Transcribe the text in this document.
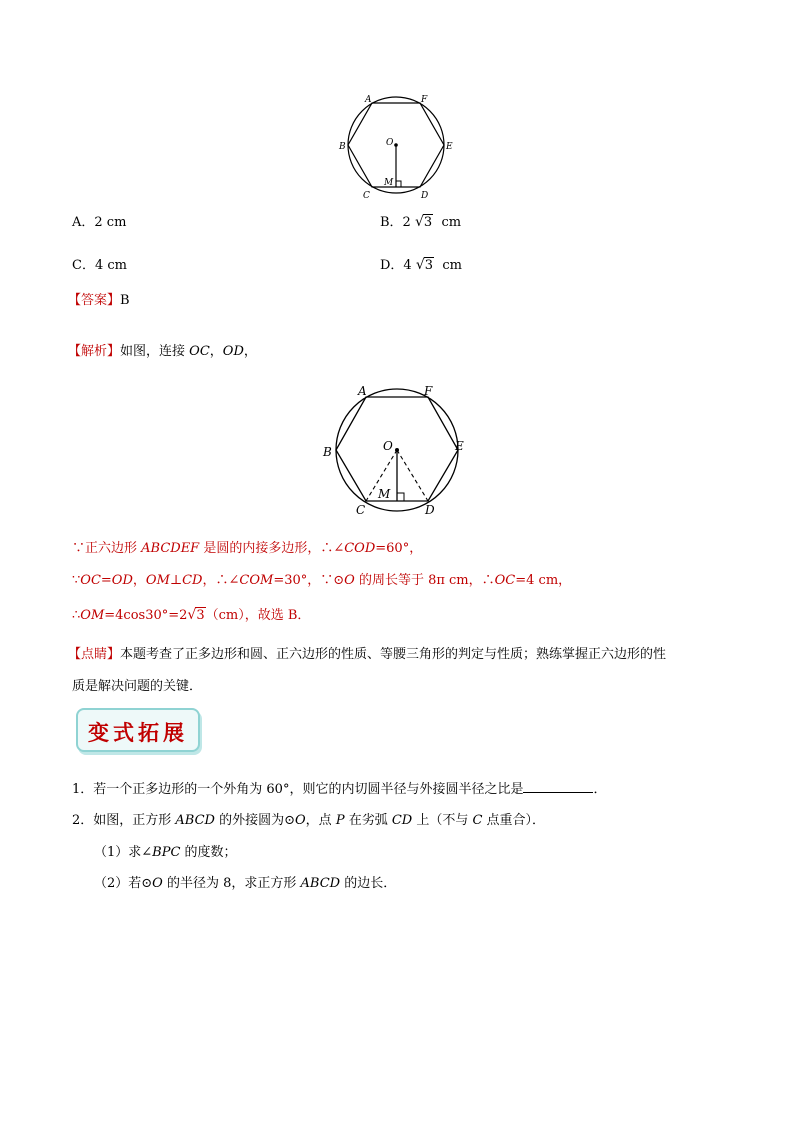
A	F
B	E
C	D
O
M
A．2 cm	B．2 √3 cm
C．4 cm	D．4 √3 cm
【答案】B
【解析】如图，连接 OC，OD，
A	F
B	E
C	D
O
M
∵正六边形 ABCDEF 是圆的内接多边形，∴∠COD=60°，
∵OC=OD，OM⊥CD，∴∠COM=30°，∵⊙O 的周长等于 8π cm，∴OC=4 cm，
∴OM=4cos30°=2√3（cm），故选 B．
【点睛】本题考查了正多边形和圆、正六边形的性质、等腰三角形的判定与性质；熟练掌握正六边形的性
质是解决问题的关键．
变式拓展
1．若一个正多边形的一个外角为 60°，则它的内切圆半径与外接圆半径之比是	．
2．如图，正方形 ABCD 的外接圆为⊙O，点 P 在劣弧 CD 上（不与 C 点重合）．
（1）求∠BPC 的度数；
（2）若⊙O 的半径为 8，求正方形 ABCD 的边长．
